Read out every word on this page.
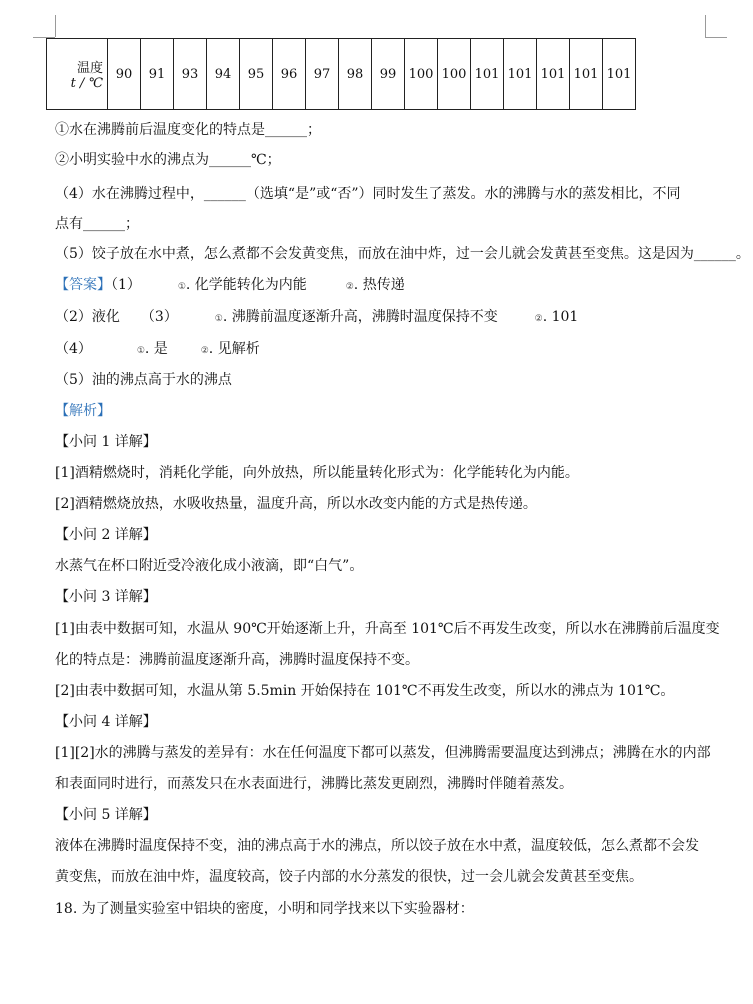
温度
t / ℃
	90	91	93	94	95	96	97	98	99	100	100	101	101	101	101	101
①水在沸腾前后温度变化的特点是______；
②小明实验中水的沸点为______℃；
（4）水在沸腾过程中，______（选填“是”或“否”）同时发生了蒸发。水的沸腾与水的蒸发相比，不同
点有______；
（5）饺子放在水中煮，怎么煮都不会发黄变焦，而放在油中炸，过一会儿就会发黄甚至变焦。这是因为______。
【答案】（1）	①. 化学能转化为内能	②. 热传递
（2）液化　　（3）	①. 沸腾前温度逐渐升高，沸腾时温度保持不变	②. 101
（4）	①. 是	②. 见解析
（5）油的沸点高于水的沸点
【解析】
【小问 1 详解】
[1]酒精燃烧时，消耗化学能，向外放热，所以能量转化形式为：化学能转化为内能。
[2]酒精燃烧放热，水吸收热量，温度升高，所以水改变内能的方式是热传递。
【小问 2 详解】
水蒸气在杯口附近受冷液化成小液滴，即“白气”。
【小问 3 详解】
[1]由表中数据可知，水温从 90℃开始逐渐上升，升高至 101℃后不再发生改变，所以水在沸腾前后温度变
化的特点是：沸腾前温度逐渐升高，沸腾时温度保持不变。
[2]由表中数据可知，水温从第 5.5min 开始保持在 101℃不再发生改变，所以水的沸点为 101℃。
【小问 4 详解】
[1][2]水的沸腾与蒸发的差异有：水在任何温度下都可以蒸发，但沸腾需要温度达到沸点；沸腾在水的内部
和表面同时进行，而蒸发只在水表面进行，沸腾比蒸发更剧烈，沸腾时伴随着蒸发。
【小问 5 详解】
液体在沸腾时温度保持不变，油的沸点高于水的沸点，所以饺子放在水中煮，温度较低，怎么煮都不会发
黄变焦，而放在油中炸，温度较高，饺子内部的水分蒸发的很快，过一会儿就会发黄甚至变焦。
18. 为了测量实验室中铝块的密度，小明和同学找来以下实验器材：
